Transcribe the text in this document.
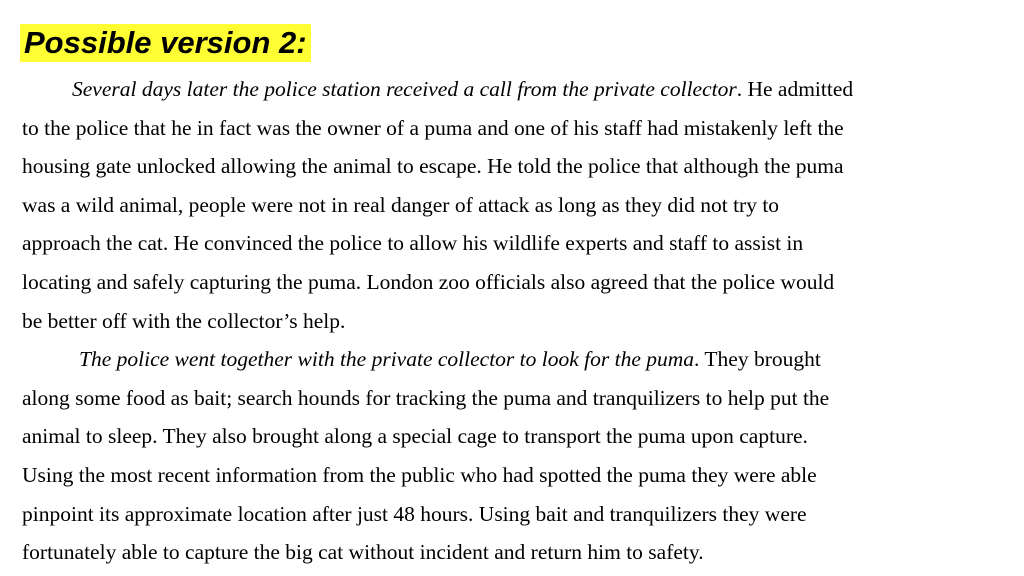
Possible version 2:
Several days later the police station received a call from the private collector. He admitted
to the police that he in fact was the owner of a puma and one of his staff had mistakenly left the
housing gate unlocked allowing the animal to escape. He told the police that although the puma
was a wild animal, people were not in real danger of attack as long as they did not try to
approach the cat. He convinced the police to allow his wildlife experts and staff to assist in
locating and safely capturing the puma. London zoo officials also agreed that the police would
be better off with the collector’s help.
The police went together with the private collector to look for the puma. They brought
along some food as bait; search hounds for tracking the puma and tranquilizers to help put the
animal to sleep. They also brought along a special cage to transport the puma upon capture.
Using the most recent information from the public who had spotted the puma they were able
pinpoint its approximate location after just 48 hours. Using bait and tranquilizers they were
fortunately able to capture the big cat without incident and return him to safety.
